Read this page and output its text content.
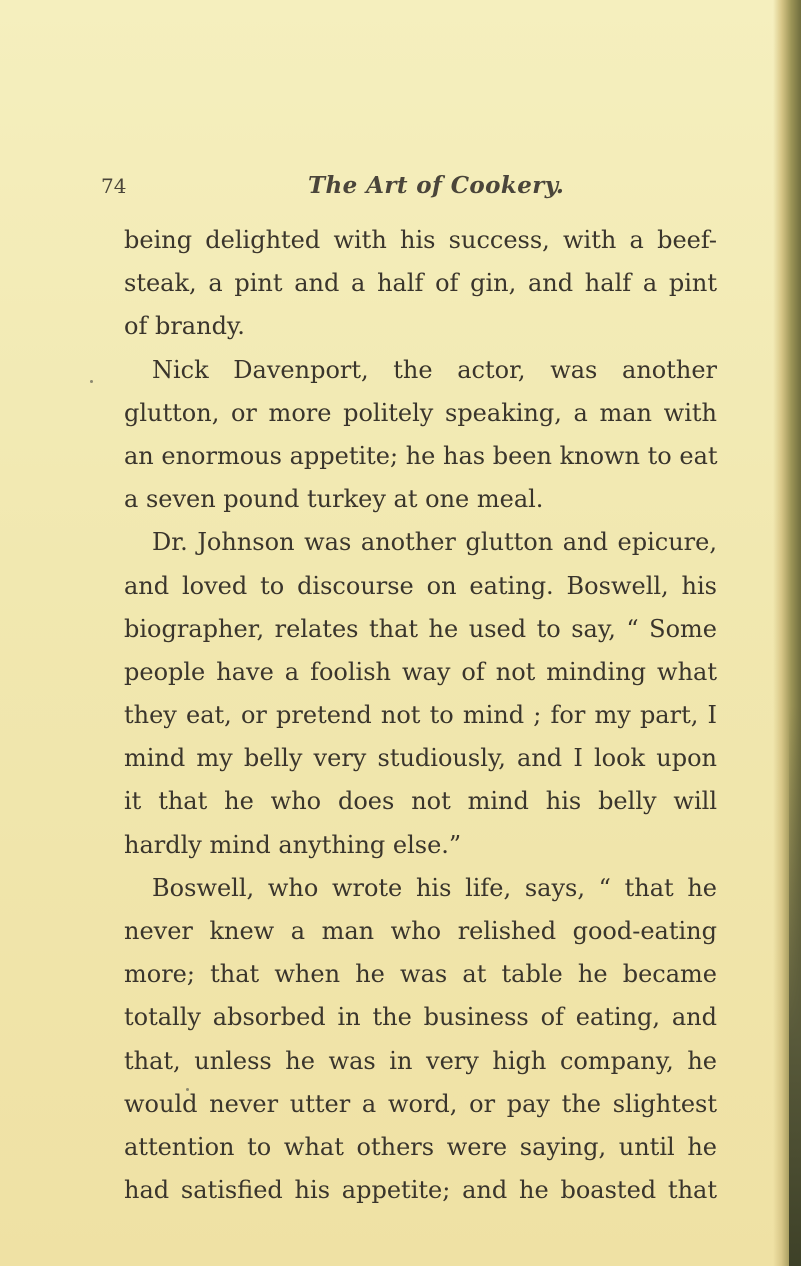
74	The Art of Cookery.
being delighted with his success, with a beef-
steak, a pint and a half of gin, and half a pint
of brandy.
Nick Davenport, the actor, was another
glutton, or more politely speaking, a man with
an enormous appetite; he has been known to eat
a seven pound turkey at one meal.
Dr. Johnson was another glutton and epicure,
and loved to discourse on eating. Boswell, his
biographer, relates that he used to say, “ Some
people have a foolish way of not minding what
they eat, or pretend not to mind ; for my part, I
mind my belly very studiously, and I look upon
it that he who does not mind his belly will
hardly mind anything else.”
Boswell, who wrote his life, says, “ that he
never knew a man who relished good-eating
more; that when he was at table he became
totally absorbed in the business of eating, and
that, unless he was in very high company, he
would never utter a word, or pay the slightest
attention to what others were saying, until he
had satisfied his appetite; and he boasted that
